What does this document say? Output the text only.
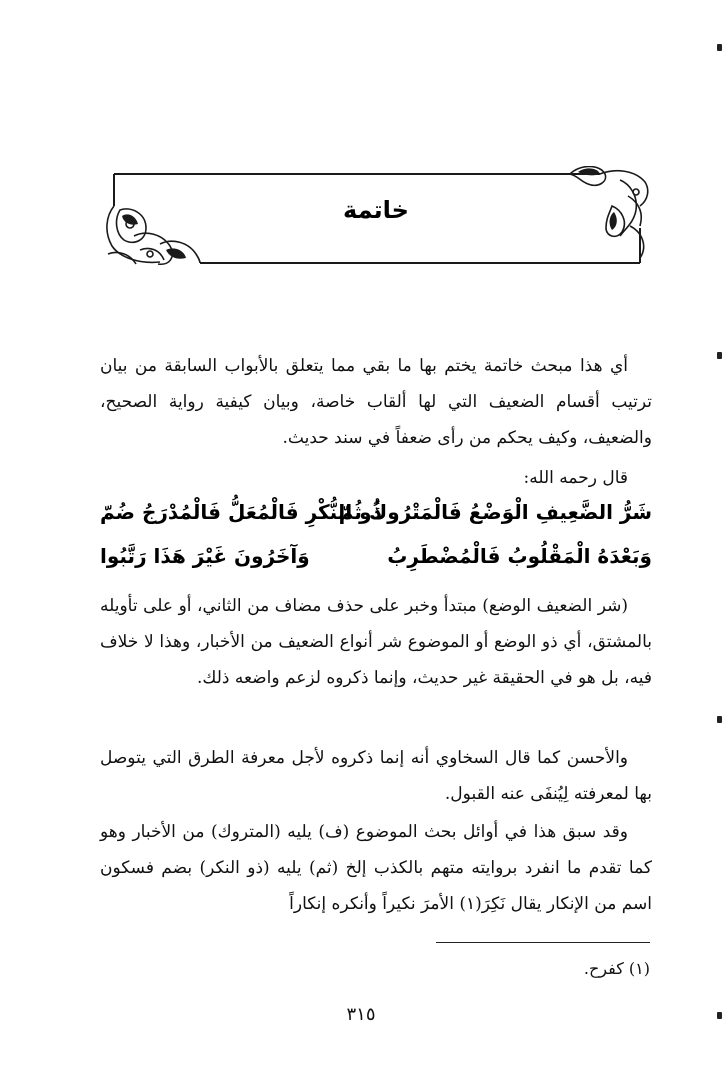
خاتمة

أي هذا مبحث خاتمة يختم بها ما بقي مما يتعلق بالأبواب السابقة من بيان ترتيب أقسام الضعيف التي لها ألقاب خاصة، وبيان كيفية رواية الصحيح، والضعيف، وكيف يحكم من رأى ضعفاً في سند حديث.

قال رحمه الله:

شَرُّ الضَّعِيفِ الْوَضْعُ فَالْمَتْرُوكُ ثُمّ
ذُو النُّكْرِ فَالْمُعَلُّ فَالْمُدْرَجُ ضُمّ
وَبَعْدَهُ الْمَقْلُوبُ فَالْمُضْطَرِبُ
وَآخَرُونَ غَيْرَ هَذَا رَتَّبُوا

(شر الضعيف الوضع) مبتدأ وخبر على حذف مضاف من الثاني، أو على تأويله بالمشتق، أي ذو الوضع أو الموضوع شر أنواع الضعيف من الأخبار، وهذا لا خلاف فيه، بل هو في الحقيقة غير حديث، وإنما ذكروه لزعم واضعه ذلك.

والأحسن كما قال السخاوي أنه إنما ذكروه لأجل معرفة الطرق التي يتوصل بها لمعرفته لِيُنفَى عنه القبول.

وقد سبق هذا في أوائل بحث الموضوع (ف) يليه (المتروك) من الأخبار وهو كما تقدم ما انفرد بروايته متهم بالكذب إلخ (ثم) يليه (ذو النكر) بضم فسكون اسم من الإنكار يقال نَكِرَ(١) الأمرَ نكيراً وأنكره إنكاراً

(١) كفرح.
٣١٥
